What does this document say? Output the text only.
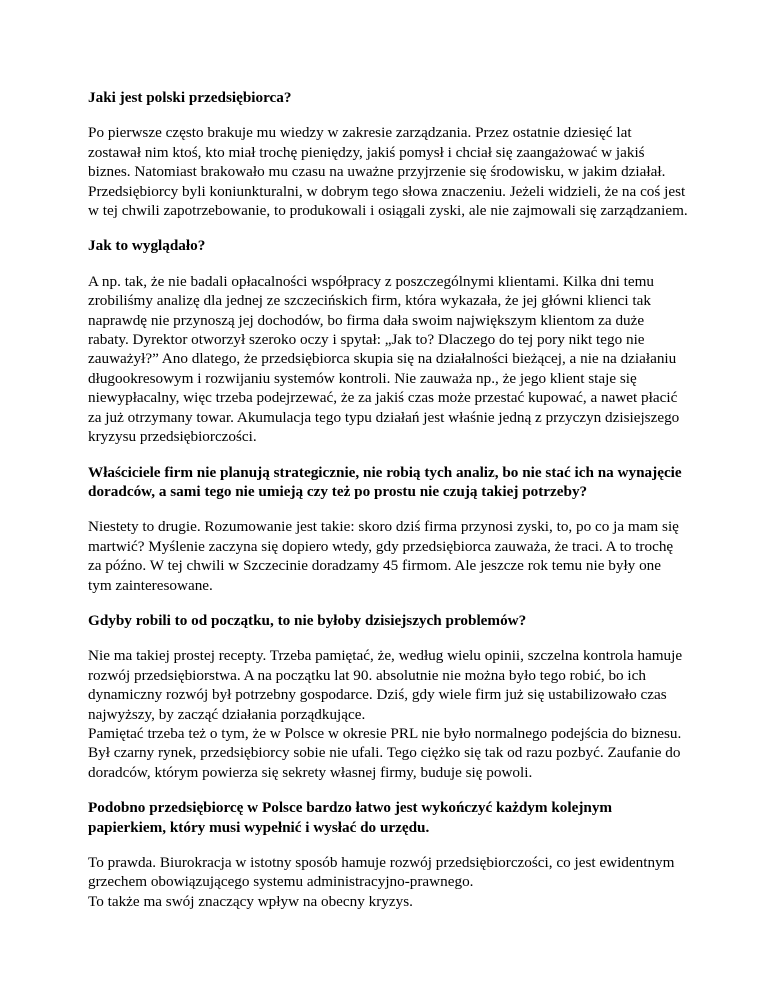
Jaki jest polski przedsiębiorca?

Po pierwsze często brakuje mu wiedzy w zakresie zarządzania. Przez ostatnie dziesięć lat zostawał nim ktoś, kto miał trochę pieniędzy, jakiś pomysł i chciał się zaangażować w jakiś biznes. Natomiast brakowało mu czasu na uważne przyjrzenie się środowisku, w jakim działał. Przedsiębiorcy byli koniunkturalni, w dobrym tego słowa znaczeniu. Jeżeli widzieli, że na coś jest w tej chwili zapotrzebowanie, to produkowali i osiągali zyski, ale nie zajmowali się zarządzaniem.

Jak to wyglądało?

A np. tak, że nie badali opłacalności współpracy z poszczególnymi klientami. Kilka dni temu zrobiliśmy analizę dla jednej ze szczecińskich firm, która wykazała, że jej główni klienci tak naprawdę nie przynoszą jej dochodów, bo firma dała swoim największym klientom za duże rabaty. Dyrektor otworzył szeroko oczy i spytał: „Jak to? Dlaczego do tej pory nikt tego nie zauważył?” Ano dlatego, że przedsiębiorca skupia się na działalności bieżącej, a nie na działaniu długookresowym i rozwijaniu systemów kontroli. Nie zauważa np., że jego klient staje się niewypłacalny, więc trzeba podejrzewać, że za jakiś czas może przestać kupować, a nawet płacić za już otrzymany towar. Akumulacja tego typu działań jest właśnie jedną z przyczyn dzisiejszego kryzysu przedsiębiorczości.

Właściciele firm nie planują strategicznie, nie robią tych analiz, bo nie stać ich na wynajęcie doradców, a sami tego nie umieją czy też po prostu nie czują takiej potrzeby?

Niestety to drugie. Rozumowanie jest takie: skoro dziś firma przynosi zyski, to, po co ja mam się martwić? Myślenie zaczyna się dopiero wtedy, gdy przedsiębiorca zauważa, że traci. A to trochę za późno. W tej chwili w Szczecinie doradzamy 45 firmom. Ale jeszcze rok temu nie były one tym zainteresowane.

Gdyby robili to od początku, to nie byłoby dzisiejszych problemów?

Nie ma takiej prostej recepty. Trzeba pamiętać, że, według wielu opinii, szczelna kontrola hamuje rozwój przedsiębiorstwa. A na początku lat 90. absolutnie nie można było tego robić, bo ich dynamiczny rozwój był potrzebny gospodarce. Dziś, gdy wiele firm już się ustabilizowało czas najwyższy, by zacząć działania porządkujące.
Pamiętać trzeba też o tym, że w Polsce w okresie PRL nie było normalnego podejścia do biznesu. Był czarny rynek, przedsiębiorcy sobie nie ufali. Tego ciężko się tak od razu pozbyć. Zaufanie do doradców, którym powierza się sekrety własnej firmy, buduje się powoli.

Podobno przedsiębiorcę w Polsce bardzo łatwo jest wykończyć każdym kolejnym papierkiem, który musi wypełnić i wysłać do urzędu.

To prawda. Biurokracja w istotny sposób hamuje rozwój przedsiębiorczości, co jest ewidentnym grzechem obowiązującego systemu administracyjno-prawnego.
To także ma swój znaczący wpływ na obecny kryzys.
